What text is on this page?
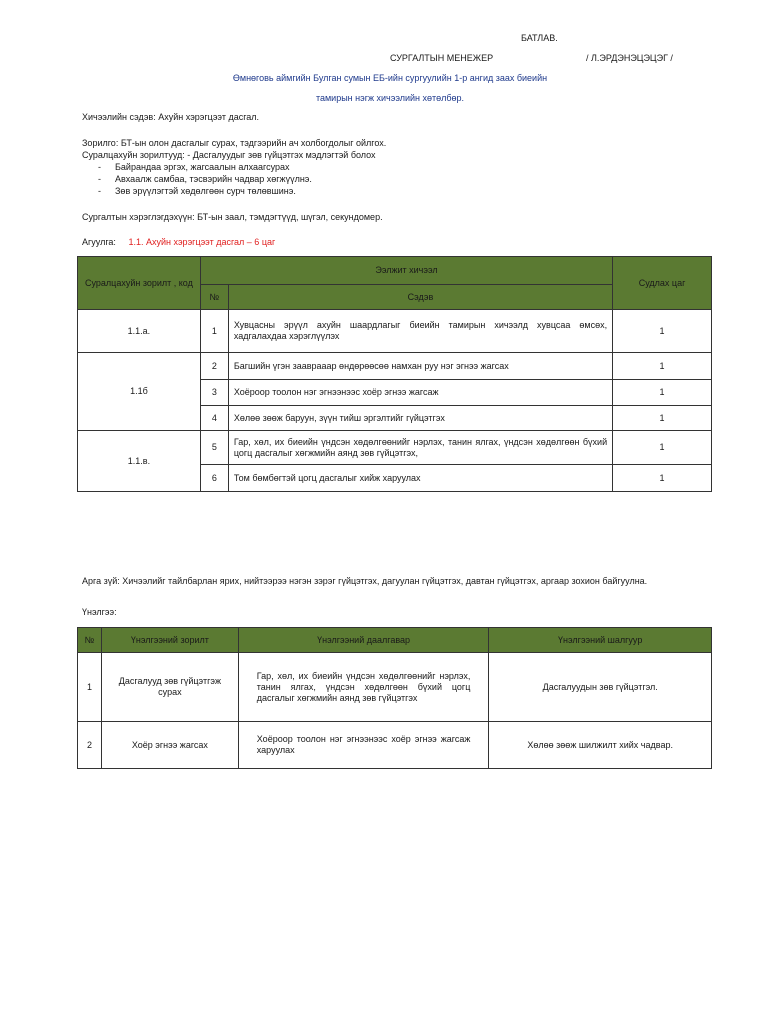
БАТЛАВ.
СУРГАЛТЫН МЕНЕЖЕР	/ Л.ЭРДЭНЭЦЭЦЭГ /
Өмнөговь аймгийн Булган сумын ЕБ-ийн сургуулийн 1-р ангид заах биеийн
тамирын нэгж хичээлийн хөтөлбөр.
Хичээлийн сэдэв: Ахуйн хэрэгцээт дасгал.
Зорилго: БТ-ын олон дасгалыг сурах, тэдгээрийн ач холбогдолыг ойлгох.
Суралцахуйн зорилтууд: - Дасгалуудыг зөв гүйцэтгэх мэдлэгтэй болох
- Байрандаа эргэх, жагсаалын алхаагсурах
- Авхаалж самбаа, тэсвэрийн чадвар хөгжүүлнэ.
- Зөв эрүүлэгтэй хөдөлгөөн сурч төлөвшинэ.
Сургалтын хэрэглэгдэхүүн: БТ-ын заал, тэмдэгтүүд, шүгэл, секундомер.
Агуулга: 1.1. Ахуйн хэрэгцээт дасгал – 6 цаг
Суралцахуйн зорилт , код	Ээлжит хичээл		Судлах цаг
	№	Сэдэв	
1.1.а.	1	Хувцасны эрүүл ахуйн шаардлагыг биеийн тамирын хичээлд хувцсаа өмсөх, хадгалахдаа хэрэглүүлэх	1
1.1б	2	Багшийн үгэн зааврааар өндөрөөсөө намхан руу нэг эгнээ жагсах	1
	3	Хоёроор тоолон нэг эгнээнээс хоёр эгнээ жагсаж	1
	4	Хөлөө зөөж баруун, зүүн тийш эргэлтийг гүйцэтгэх	1
1.1.в.	5	Гар, хөл, их биеийн үндсэн хөдөлгөөнийг нэрлэх, танин ялгах, үндсэн хөдөлгөөн бүхий цогц дасгалыг хөгжмийн аянд зөв гүйцэтгэх,	1
	6	Том бөмбөгтэй цогц дасгалыг хийж харуулах	1
Арга зүй: Хичээлийг тайлбарлан ярих, нийтээрээ нэгэн зэрэг гүйцэтгэх, дагуулан гүйцэтгэх, давтан гүйцэтгэх, аргаар зохион байгуулна.
Үнэлгээ:
№	Үнэлгээний зорилт	Үнэлгээний даалгавар	Үнэлгээний шалгуур
1	Дасгалууд зөв гүйцэтгэж сурах	Гар, хөл, их биеийн үндсэн хөдөлгөөнийг нэрлэх, танин ялгах, үндсэн хөдөлгөөн бүхий цогц дасгалыг хөгжмийн аянд зөв гүйцэтгэх	Дасгалуудын зөв гүйцэтгэл.
2	Хоёр эгнээ жагсах	Хоёроор тоолон нэг эгнээнээс хоёр эгнээ жагсаж харуулах	Хөлөө зөөж шилжилт хийх чадвар.
